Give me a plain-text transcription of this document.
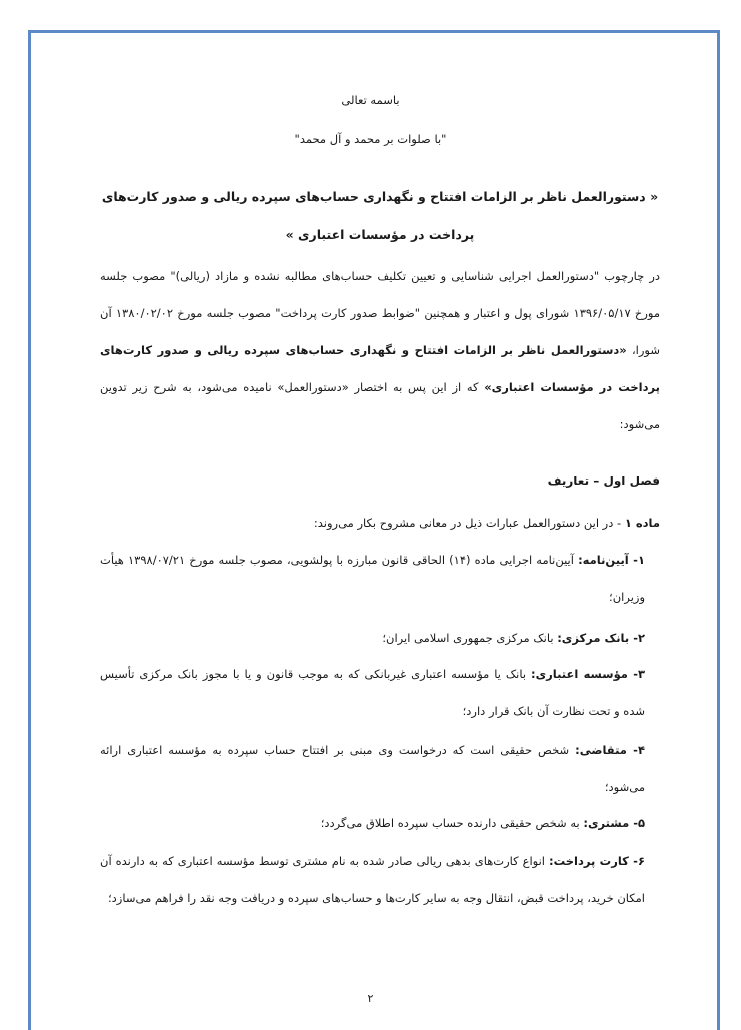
باسمه تعالی
"با صلوات بر محمد و آل محمد"
« دستورالعمل ناظر بر الزامات افتتاح و نگهداری حساب‌های سپرده ریالی و صدور کارت‌های پرداخت در مؤسسات اعتباری »
در چارچوب "دستورالعمل اجرایی شناسایی و تعیین تکلیف حساب‌های مطالبه نشده و مازاد (ریالی)" مصوب جلسه مورخ ۱۳۹۶/۰۵/۱۷ شورای پول و اعتبار و همچنین "ضوابط صدور کارت پرداخت" مصوب جلسه مورخ ۱۳۸۰/۰۲/۰۲ آن شورا، «دستورالعمل ناظر بر الزامات افتتاح و نگهداری حساب‌های سپرده ریالی و صدور کارت‌های پرداخت در مؤسسات اعتباری» که از این پس به اختصار «دستورالعمل» نامیده می‌شود، به شرح زیر تدوین می‌شود:
فصل اول – تعاریف
ماده ۱ - در این دستورالعمل عبارات ذیل در معانی مشروح بکار می‌روند:
۱- آیین‌نامه: آیین‌نامه اجرایی ماده (۱۴) الحاقی قانون مبارزه با پولشویی، مصوب جلسه مورخ ۱۳۹۸/۰۷/۲۱ هیأت وزیران؛
۲- بانک مرکزی: بانک مرکزی جمهوری اسلامی ایران؛
۳- مؤسسه اعتباری: بانک یا مؤسسه اعتباری غیربانکی که به موجب قانون و یا با مجوز بانک مرکزی تأسیس شده و تحت نظارت آن بانک قرار دارد؛
۴- متقاضی: شخص حقیقی است که درخواست وی مبنی بر افتتاح حساب سپرده به مؤسسه اعتباری ارائه می‌شود؛
۵- مشتری: به شخص حقیقی دارنده حساب سپرده اطلاق می‌گردد؛
۶- کارت پرداخت: انواع کارت‌های بدهی ریالی صادر شده به نام مشتری توسط مؤسسه اعتباری که به دارنده آن امکان خرید، پرداخت قبض، انتقال وجه به سایر کارت‌ها و حساب‌های سپرده و دریافت وجه نقد را فراهم می‌سازد؛
۲
